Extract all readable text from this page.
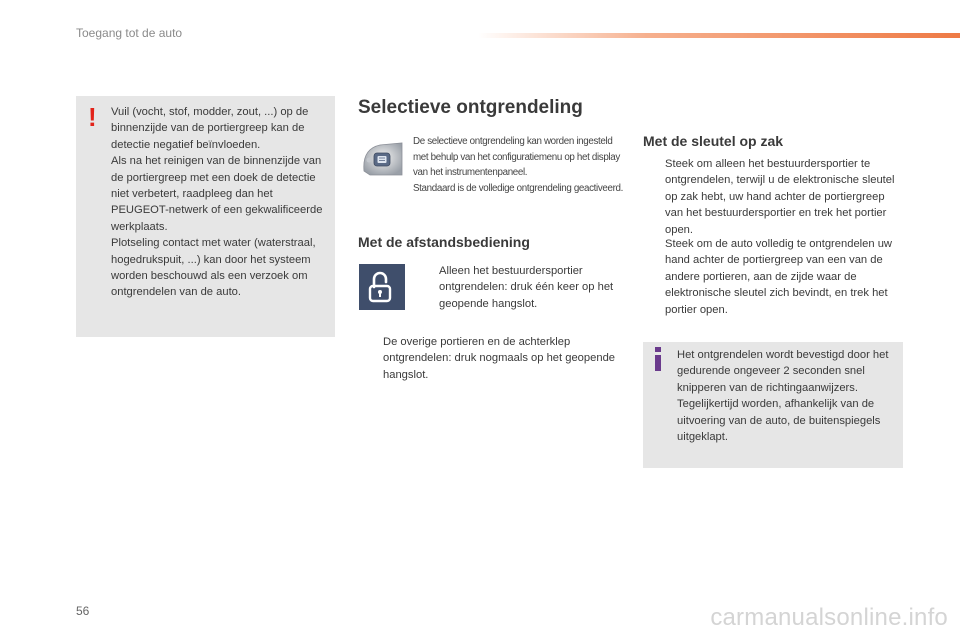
Toegang tot de auto
! Vuil (vocht, stof, modder, zout, ...) op de binnenzijde van de portiergreep kan de detectie negatief beïnvloeden.

Als na het reinigen van de binnenzijde van de portiergreep met een doek de detectie niet verbetert, raadpleeg dan het PEUGEOT-netwerk of een gekwalificeerde werkplaats.

Plotseling contact met water (waterstraal, hogedrukspuit, ...) kan door het systeem worden beschouwd als een verzoek om ontgrendelen van de auto.

Selectieve ontgrendeling

De selectieve ontgrendeling kan worden ingesteld met behulp van het configuratiemenu op het display van het instrumentenpaneel.

Standaard is de volledige ontgrendeling geactiveerd.

Met de afstandsbediening
Alleen het bestuurdersportier ontgrendelen: druk één keer op het geopende hangslot.
De overige portieren en de achterklep ontgrendelen: druk nogmaals op het geopende hangslot.
Met de sleutel op zak
Steek om alleen het bestuurdersportier te ontgrendelen, terwijl u de elektronische sleutel op zak hebt, uw hand achter de portiergreep van het bestuurdersportier en trek het portier open.
Steek om de auto volledig te ontgrendelen uw hand achter de portiergreep van een van de andere portieren, aan de zijde waar de elektronische sleutel zich bevindt, en trek het portier open.

Het ontgrendelen wordt bevestigd door het gedurende ongeveer 2 seconden snel knipperen van de richtingaanwijzers.

Tegelijkertijd worden, afhankelijk van de uitvoering van de auto, de buitenspiegels uitgeklapt.

56	carmanualsonline.info
